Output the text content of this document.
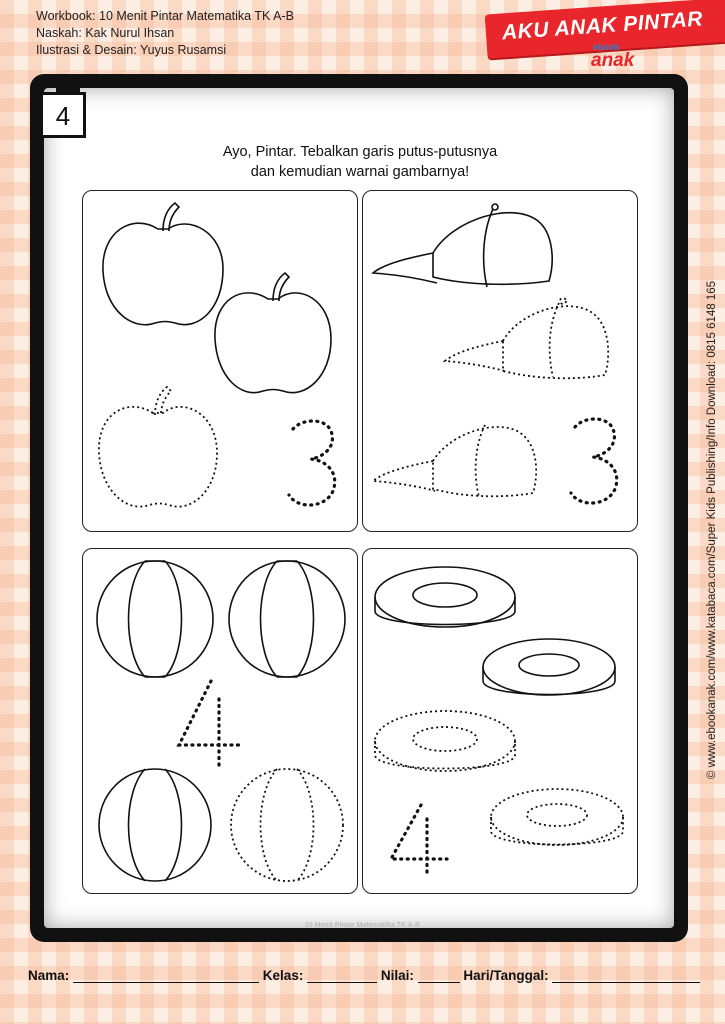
Workbook: 10 Menit Pintar Matematika TK A-B
Naskah: Kak Nurul Ihsan
Ilustrasi & Desain: Yuyus Rusamsi
AKU ANAK PINTAR
ebook
anak
4
Ayo, Pintar. Tebalkan garis putus-putusnya
dan kemudian warnai gambarnya!
10 Menit Pintar Matematika TK A-B
© www.ebookanak.com/www.katabaca.com/Super Kids Publishing/Info Download: 0815 6148 165
Nama:	Kelas:	Nilai:	Hari/Tanggal:
